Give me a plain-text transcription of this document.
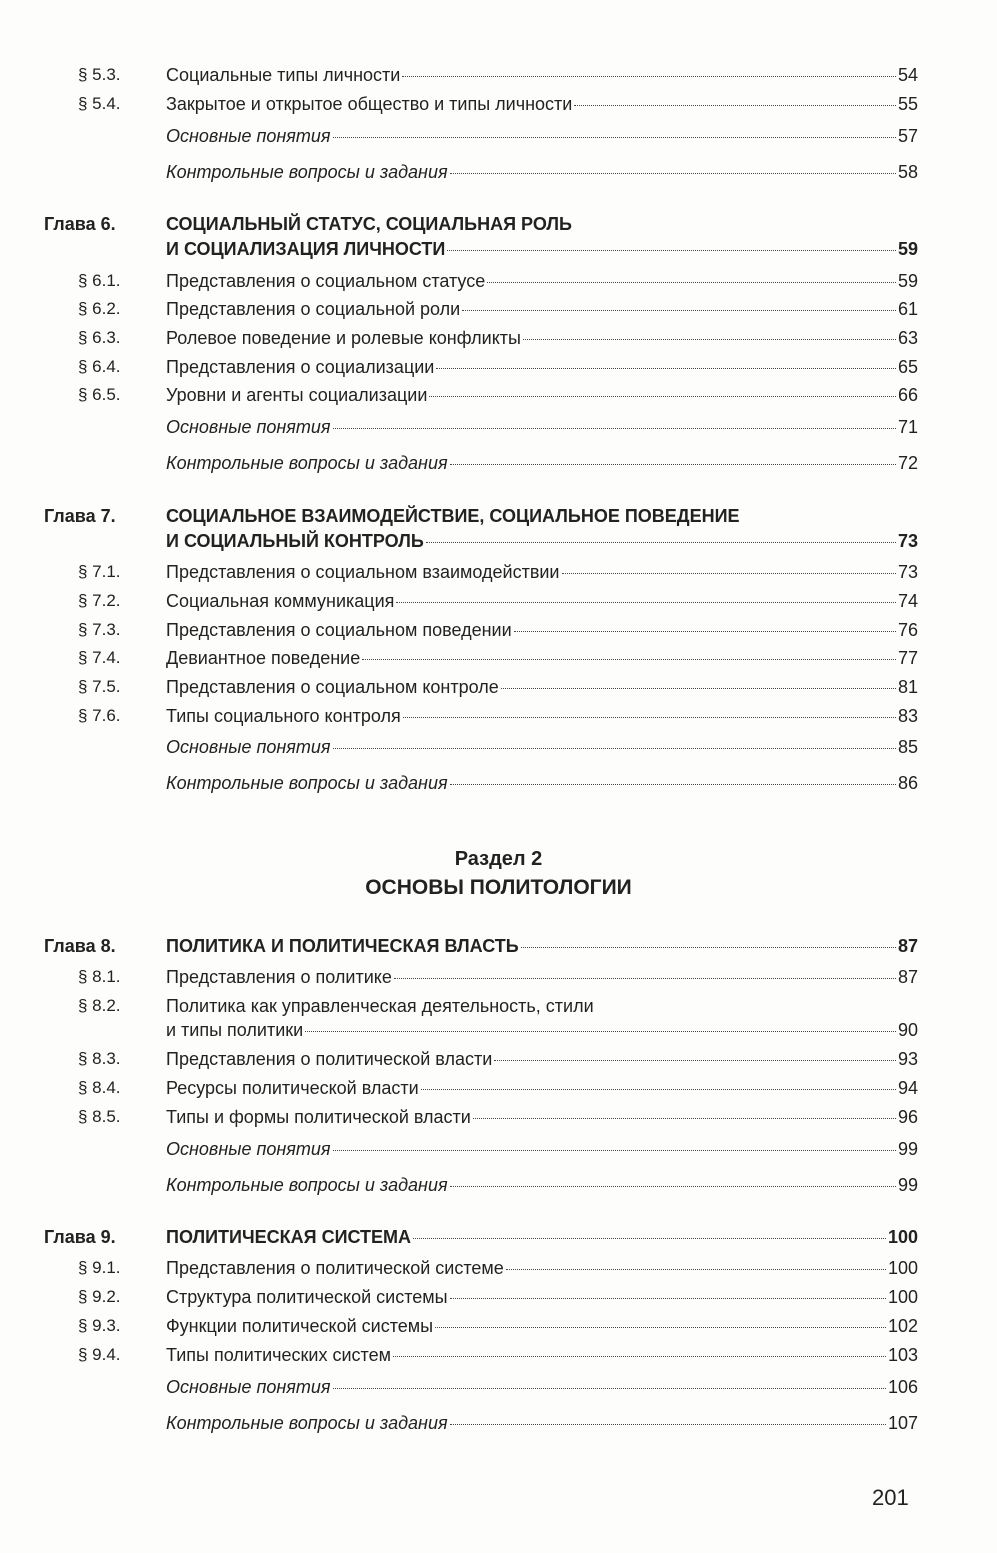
§ 5.3.	Социальные типы личности	54
§ 5.4.	Закрытое и открытое общество и типы личности	55
Основные понятия	57
Контрольные вопросы и задания	58
Глава 6.	СОЦИАЛЬНЫЙ СТАТУС, СОЦИАЛЬНАЯ РОЛЬ
И СОЦИАЛИЗАЦИЯ ЛИЧНОСТИ	59
§ 6.1.	Представления о социальном статусе	59
§ 6.2.	Представления о социальной роли	61
§ 6.3.	Ролевое поведение и ролевые конфликты	63
§ 6.4.	Представления о социализации	65
§ 6.5.	Уровни и агенты социализации	66
Основные понятия	71
Контрольные вопросы и задания	72
Глава 7.	СОЦИАЛЬНОЕ ВЗАИМОДЕЙСТВИЕ, СОЦИАЛЬНОЕ ПОВЕДЕНИЕ
И СОЦИАЛЬНЫЙ КОНТРОЛЬ	73
§ 7.1.	Представления о социальном взаимодействии	73
§ 7.2.	Социальная коммуникация	74
§ 7.3.	Представления о социальном поведении	76
§ 7.4.	Девиантное поведение	77
§ 7.5.	Представления о социальном контроле	81
§ 7.6.	Типы социального контроля	83
Основные понятия	85
Контрольные вопросы и задания	86
Раздел 2
ОСНОВЫ ПОЛИТОЛОГИИ
Глава 8.	ПОЛИТИКА И ПОЛИТИЧЕСКАЯ ВЛАСТЬ	87
§ 8.1.	Представления о политике	87
§ 8.2.	Политика как управленческая деятельность, стили
и типы политики	90
§ 8.3.	Представления о политической власти	93
§ 8.4.	Ресурсы политической власти	94
§ 8.5.	Типы и формы политической власти	96
Основные понятия	99
Контрольные вопросы и задания	99
Глава 9.	ПОЛИТИЧЕСКАЯ СИСТЕМА	100
§ 9.1.	Представления о политической системе	100
§ 9.2.	Структура политической системы	100
§ 9.3.	Функции политической системы	102
§ 9.4.	Типы политических систем	103
Основные понятия	106
Контрольные вопросы и задания	107
201
